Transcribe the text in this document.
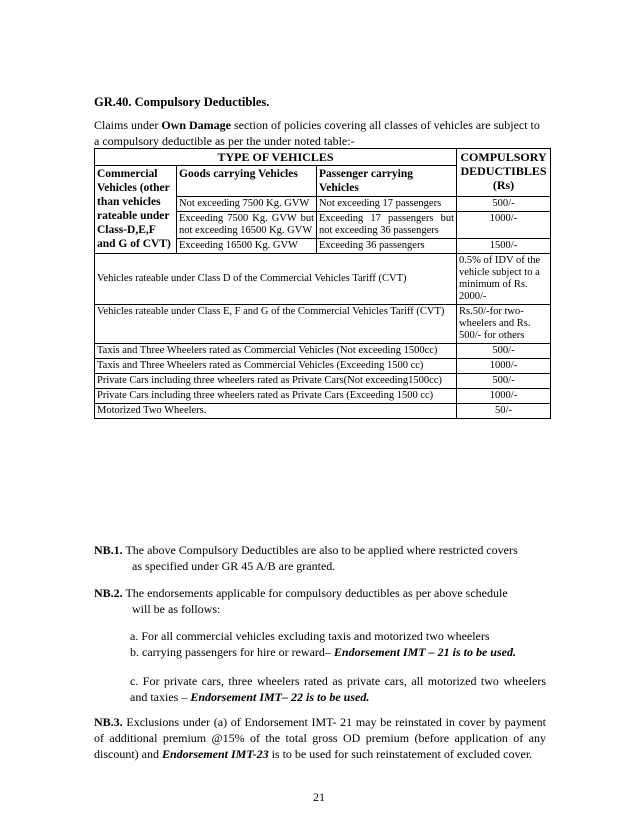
GR.40. Compulsory Deductibles.
Claims under Own Damage section of policies covering all classes of vehicles are subject to a compulsory deductible as per the under noted table:-
TYPE OF VEHICLES			COMPULSORY DEDUCTIBLES (Rs)
Commercial Vehicles (other than vehicles rateable under Class-D,E,F and G of CVT)	Goods carrying Vehicles	Passenger carrying Vehicles	
	Not exceeding 7500 Kg. GVW	Not exceeding 17 passengers	500/-
	Exceeding 7500 Kg. GVW but not exceeding 16500 Kg. GVW	Exceeding 17 passengers but not exceeding 36 passengers	1000/-
	Exceeding 16500 Kg. GVW	Exceeding 36 passengers	1500/-
Vehicles rateable under Class D of the Commercial Vehicles Tariff (CVT)			0.5% of IDV of the vehicle subject to a minimum of Rs. 2000/-
Vehicles rateable under Class E, F and G of the Commercial Vehicles Tariff (CVT)			Rs.50/-for two-wheelers and Rs. 500/- for others
Taxis and Three Wheelers rated as Commercial Vehicles (Not exceeding 1500cc)			500/-
Taxis and Three Wheelers rated as Commercial Vehicles (Exceeding 1500 cc)			1000/-
Private Cars including three wheelers rated as Private Cars(Not exceeding1500cc)			500/-
Private Cars including three wheelers rated as Private Cars (Exceeding 1500 cc)			1000/-
Motorized Two Wheelers.			50/-
NB.1. The above Compulsory Deductibles are also to be applied where restricted covers
as specified under GR 45 A/B are granted.
NB.2. The endorsements applicable for compulsory deductibles as per above schedule
will be as follows:
a. For all commercial vehicles excluding taxis and motorized two wheelers
b. carrying passengers for hire or reward– Endorsement IMT – 21 is to be used.
c. For private cars, three wheelers rated as private cars, all motorized two wheelers and taxies – Endorsement IMT– 22 is to be used.
NB.3. Exclusions under (a) of Endorsement IMT- 21 may be reinstated in cover by payment of additional premium @15% of the total gross OD premium (before application of any discount) and Endorsement IMT-23 is to be used for such reinstatement of excluded cover.
21
